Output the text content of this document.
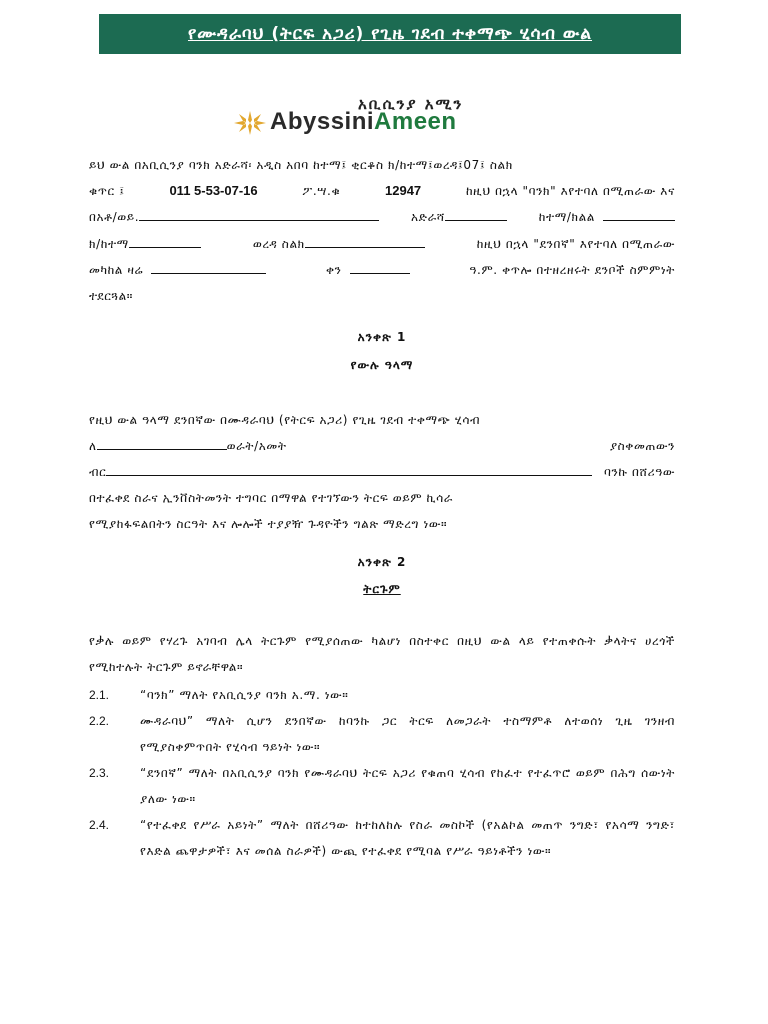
የሙዳራባህ (ትርፍ አጋሪ) የጊዜ ገደብ ተቀማጭ ሂሳብ ውል
አቢሲንያ አሚን
AbyssiniAmeen
ይህ ውል በአቢሲንያ ባንክ አድራሻ፡ አዲስ አበባ ከተማ፤ ቂርቆስ ክ/ከተማ፤ወረዳ፤07፤ ስልክ
ቁጥር ፤	011 5-53-07-16	ፖ.ሣ.ቁ	12947	ከዚህ በኋላ "ባንክ" እየተባለ በሚጠራው እና
በአቶ/ወይ.	አድራሻ	ከተማ/ክልል
ክ/ከተማ	ወረዳ ስልክ	ከዚህ በኋላ "ደንበኛ" እየተባለ በሚጠራው
መካከል ዛሬ	ቀን	ዓ.ም. ቀጥሎ በተዘረዘሩት ደንቦች ስምምነት
ተደርጓል።
አንቀጽ 1
የውሉ ዓላማ
የዚህ ውል ዓላማ ደንበኛው በሙዳራባህ (የትርፍ አጋሪ) የጊዜ ገደብ ተቀማጭ ሂሳብ
ለ	ወራት/አመት	ያስቀመጠውን
ብር	ባንኩ በሸሪዓው
በተፈቀደ ስራና ኢንቨስትመንት ተግባር በማዋል የተገኘውን ትርፍ ወይም ኪሳራ
የሚያከፋፍልበትን ስርዓት እና ሎሎች ተያያዥ ጉዳዮችን ግልጽ ማድረግ ነው።
አንቀጽ 2
ትርጉም
የቃሉ ወይም የሃረጉ አገባብ ሌላ ትርጉም የሚያሰጠው ካልሆነ በስተቀር በዚህ ውል ላይ የተጠቀሱት ቃላትና ሀረጎች የሚከተሉት ትርጉም ይኖራቸዋል።
2.1.	“ባንክ” ማለት የአቢሲንያ ባንክ አ.ማ. ነው።
2.2.	ሙዳራባህ” ማለት ሲሆን ደንበኛው ከባንኩ ጋር ትርፍ ለመጋራት ተስማምቶ ለተወሰነ ጊዜ ገንዘብ የሚያስቀምጥበት የሂሳብ ዓይነት ነው።
2.3.	“ደንበኛ” ማለት በአቢሲንያ ባንክ የሙዳራባህ ትርፍ አጋሪ የቁጠባ ሂሳብ የከፈተ የተፈጥሮ ወይም በሕግ ሰውነት ያለው ነው።
2.4.	“የተፈቀደ የሥራ አይነት” ማለት በሸሪዓው ከተከለከሉ የስራ መስኮች (የአልኮል መጠጥ ንግድ፣ የአሳማ ንግድ፣ የእድል ጨዋታዎች፣ እና መሰል ስራዎች) ውጪ የተፈቀደ የሚባል የሥራ ዓይነቶችን ነው።
